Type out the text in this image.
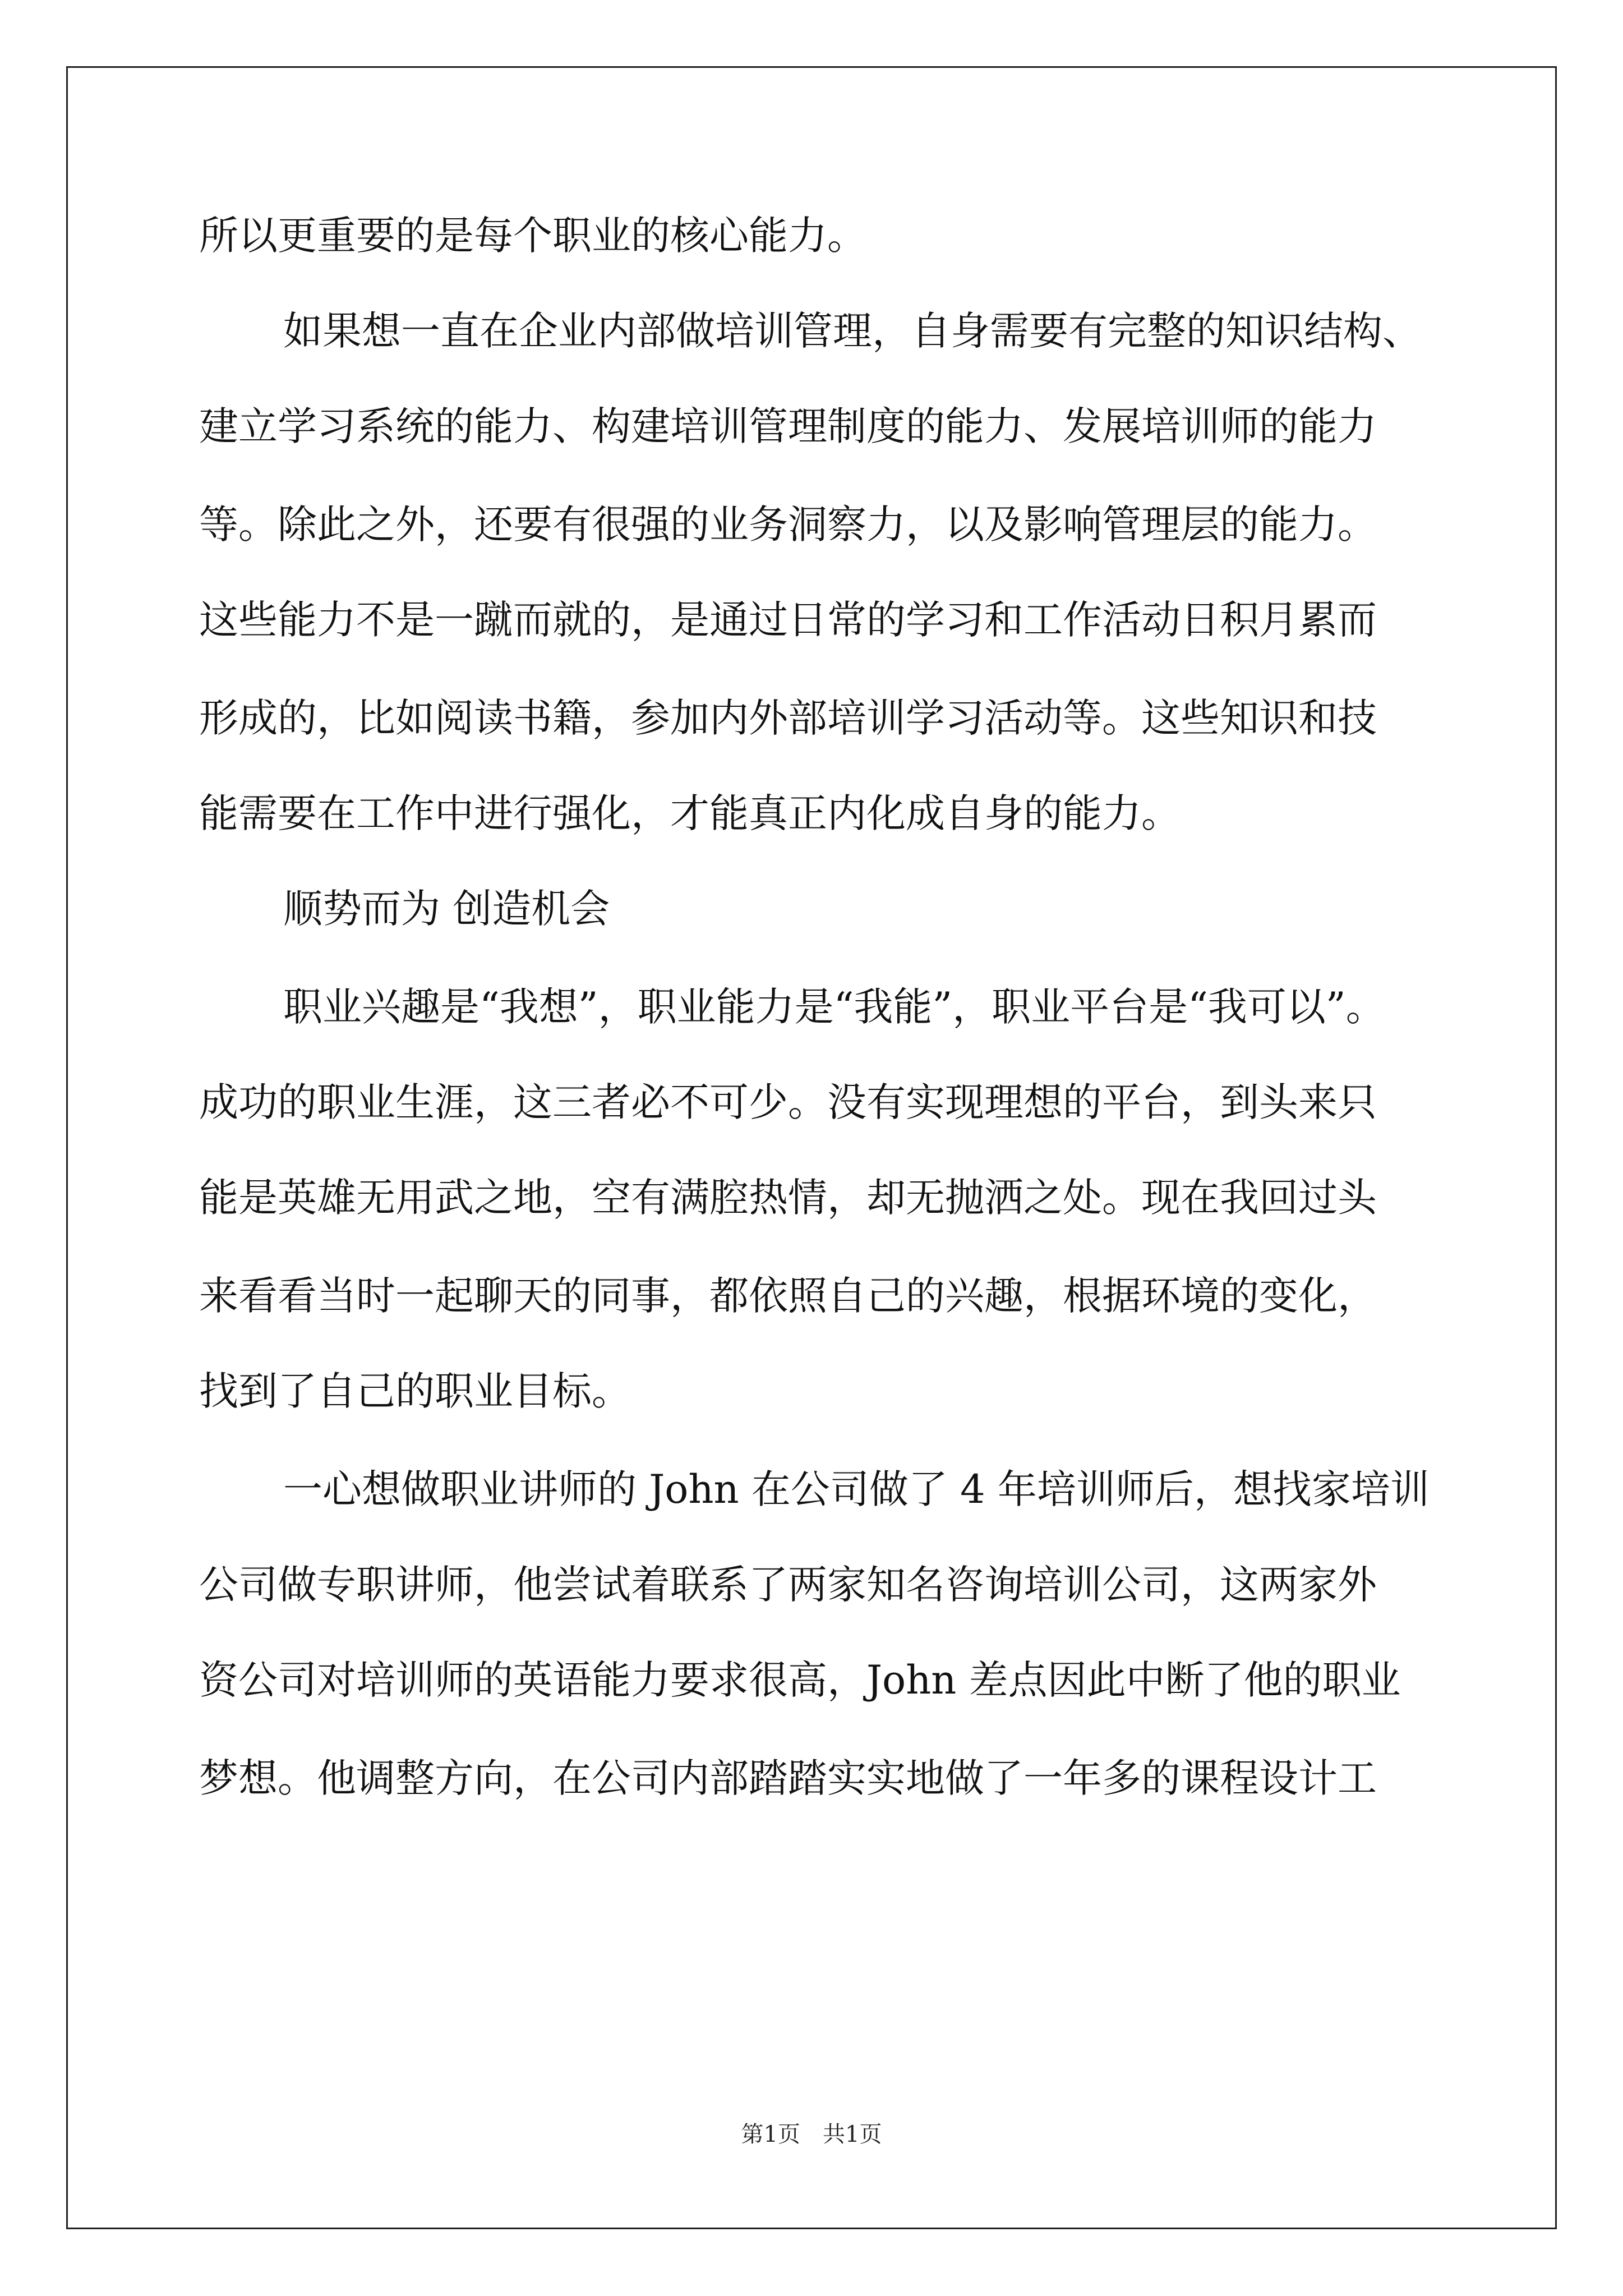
所以更重要的是每个职业的核心能力。
如果想一直在企业内部做培训管理，自身需要有完整的知识结构、
建立学习系统的能力、构建培训管理制度的能力、发展培训师的能力
等。除此之外，还要有很强的业务洞察力，以及影响管理层的能力。
这些能力不是一蹴而就的，是通过日常的学习和工作活动日积月累而
形成的，比如阅读书籍，参加内外部培训学习活动等。这些知识和技
能需要在工作中进行强化，才能真正内化成自身的能力。
顺势而为 创造机会
职业兴趣是“我想”，职业能力是“我能”，职业平台是“我可以”。
成功的职业生涯，这三者必不可少。没有实现理想的平台，到头来只
能是英雄无用武之地，空有满腔热情，却无抛洒之处。现在我回过头
来看看当时一起聊天的同事，都依照自己的兴趣，根据环境的变化，
找到了自己的职业目标。
一心想做职业讲师的 John 在公司做了 4 年培训师后，想找家培训
公司做专职讲师，他尝试着联系了两家知名咨询培训公司，这两家外
资公司对培训师的英语能力要求很高，John 差点因此中断了他的职业
梦想。他调整方向，在公司内部踏踏实实地做了一年多的课程设计工
第1页　共1页
